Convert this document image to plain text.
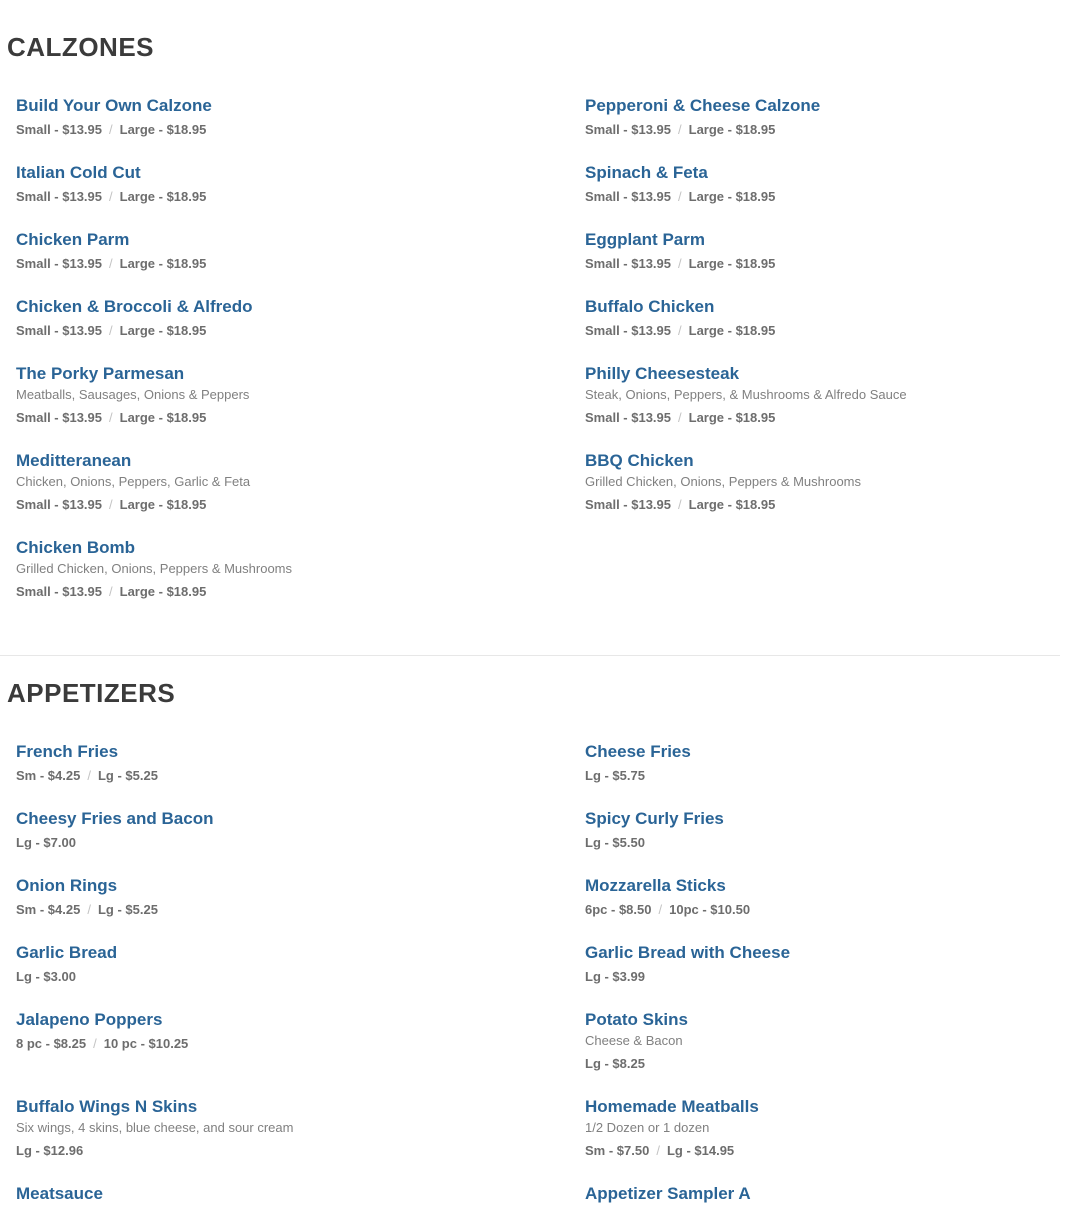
CALZONES
Build Your Own Calzone

Small - $13.95 / Large - $18.95

Pepperoni & Cheese Calzone

Small - $13.95 / Large - $18.95

Italian Cold Cut

Small - $13.95 / Large - $18.95

Spinach & Feta

Small - $13.95 / Large - $18.95

Chicken Parm

Small - $13.95 / Large - $18.95

Eggplant Parm

Small - $13.95 / Large - $18.95

Chicken & Broccoli & Alfredo

Small - $13.95 / Large - $18.95

Buffalo Chicken

Small - $13.95 / Large - $18.95

The Porky Parmesan

Meatballs, Sausages, Onions & Peppers

Small - $13.95 / Large - $18.95

Philly Cheesesteak

Steak, Onions, Peppers, & Mushrooms & Alfredo Sauce

Small - $13.95 / Large - $18.95

Meditteranean

Chicken, Onions, Peppers, Garlic & Feta

Small - $13.95 / Large - $18.95

BBQ Chicken

Grilled Chicken, Onions, Peppers & Mushrooms

Small - $13.95 / Large - $18.95

Chicken Bomb

Grilled Chicken, Onions, Peppers & Mushrooms

Small - $13.95 / Large - $18.95

APPETIZERS
French Fries

Sm - $4.25 / Lg - $5.25

Cheese Fries

Lg - $5.75

Cheesy Fries and Bacon

Lg - $7.00

Spicy Curly Fries

Lg - $5.50

Onion Rings

Sm - $4.25 / Lg - $5.25

Mozzarella Sticks

6pc - $8.50 / 10pc - $10.50

Garlic Bread

Lg - $3.00

Garlic Bread with Cheese

Lg - $3.99

Jalapeno Poppers

8 pc - $8.25 / 10 pc - $10.25

Potato Skins

Cheese & Bacon

Lg - $8.25

Buffalo Wings N Skins

Six wings, 4 skins, blue cheese, and sour cream

Lg - $12.96

Homemade Meatballs

1/2 Dozen or 1 dozen

Sm - $7.50 / Lg - $14.95

Meatsauce	Appetizer Sampler A
